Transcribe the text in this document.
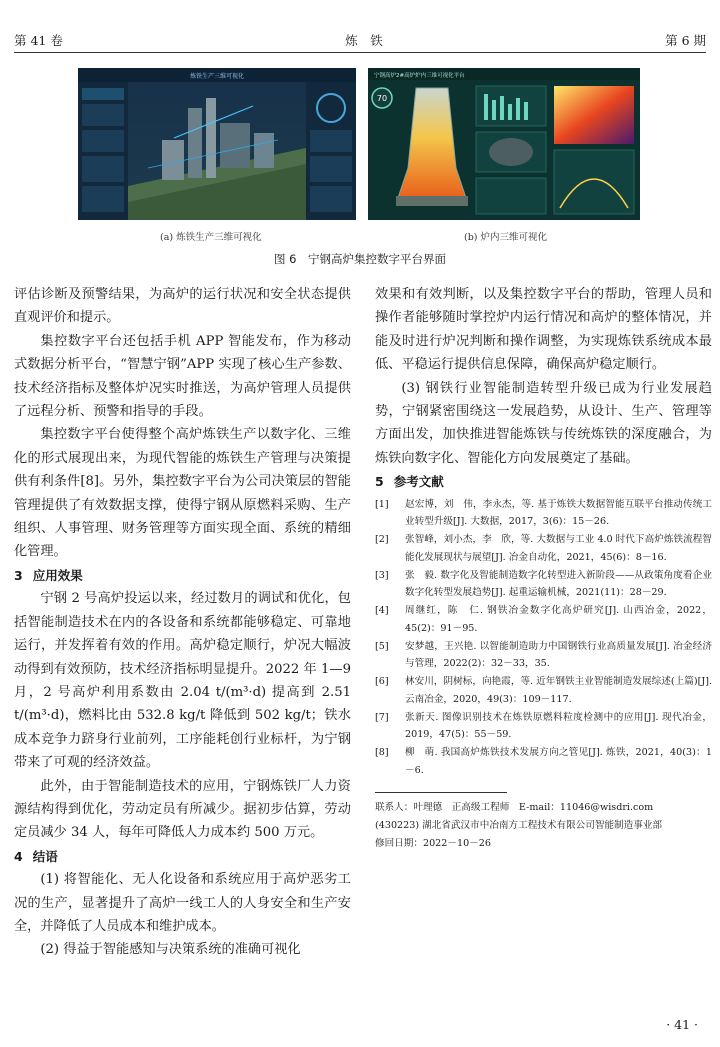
第 41 卷	炼　铁	第 6 期
炼铁生产三维可视化	宁钢高炉2#高炉炉内三维可视化平台
70
(a) 炼铁生产三维可视化	(b) 炉内三维可视化
图 6　宁钢高炉集控数字平台界面

评估诊断及预警结果，为高炉的运行状况和安全状态提供直观评价和提示。

集控数字平台还包括手机 APP 智能发布，作为移动式数据分析平台，“智慧宁钢”APP 实现了核心生产参数、技术经济指标及整体炉况实时推送，为高炉管理人员提供了远程分析、预警和指导的手段。

集控数字平台使得整个高炉炼铁生产以数字化、三维化的形式展现出来，为现代智能的炼铁生产管理与决策提供有利条件[8]。另外，集控数字平台为公司决策层的智能管理提供了有效数据支撑，使得宁钢从原燃料采购、生产组织、人事管理、财务管理等方面实现全面、系统的精细化管理。

3 应用效果

宁钢 2 号高炉投运以来，经过数月的调试和优化，包括智能制造技术在内的各设备和系统都能够稳定、可靠地运行，并发挥着有效的作用。高炉稳定顺行，炉况大幅波动得到有效预防，技术经济指标明显提升。2022 年 1—9 月，2 号高炉利用系数由 2.04 t/(m³·d) 提高到 2.51 t/(m³·d)，燃料比由 532.8 kg/t 降低到 502 kg/t；铁水成本竞争力跻身行业前列，工序能耗创行业标杆，为宁钢带来了可观的经济效益。

此外，由于智能制造技术的应用，宁钢炼铁厂人力资源结构得到优化，劳动定员有所减少。据初步估算，劳动定员减少 34 人，每年可降低人力成本约 500 万元。

4 结语

(1) 将智能化、无人化设备和系统应用于高炉恶劣工况的生产，显著提升了高炉一线工人的人身安全和生产安全，并降低了人员成本和维护成本。

(2) 得益于智能感知与决策系统的准确可视化

效果和有效判断，以及集控数字平台的帮助，管理人员和操作者能够随时掌控炉内运行情况和高炉的整体情况，并能及时进行炉况判断和操作调整，为实现炼铁系统成本最低、平稳运行提供信息保障，确保高炉稳定顺行。

(3) 钢铁行业智能制造转型升级已成为行业发展趋势，宁钢紧密围绕这一发展趋势，从设计、生产、管理等方面出发，加快推进智能炼铁与传统炼铁的深度融合，为炼铁向数字化、智能化方向发展奠定了基础。

5 参考文献

[1]	赵宏博，刘　伟，李永杰，等. 基于炼铁大数据智能互联平台推动传统工业转型升级[J]. 大数据，2017，3(6)：15－26.
[2]	张智峰，刘小杰，李　欣，等. 大数据与工业 4.0 时代下高炉炼铁流程智能化发展现状与展望[J]. 冶金自动化，2021，45(6)：8－16.
[3]	张　毅. 数字化及智能制造数字化转型进入新阶段——从政策角度看企业数字化转型发展趋势[J]. 起重运输机械，2021(11)：28－29.
[4]	周继红，陈　仁. 钢铁冶金数字化高炉研究[J]. 山西冶金，2022，45(2)：91－95.
[5]	安梦越，王兴艳. 以智能制造助力中国钢铁行业高质量发展[J]. 冶金经济与管理，2022(2)：32－33，35.
[6]	林安川，阴树标，向艳霞，等. 近年钢铁主业智能制造发展综述(上篇)[J]. 云南冶金，2020，49(3)：109－117.
[7]	张新天. 图像识别技术在炼铁原燃料粒度检测中的应用[J]. 现代冶金，2019，47(5)：55－59.
[8]	柳　萌. 我国高炉炼铁技术发展方向之管见[J]. 炼铁，2021，40(3)：1－6.

联系人：叶理德　正高级工程师　E-mail：11046@wisdri.com

(430223) 湖北省武汉市中冶南方工程技术有限公司智能制造事业部

修回日期：2022－10－26

· 41 ·
